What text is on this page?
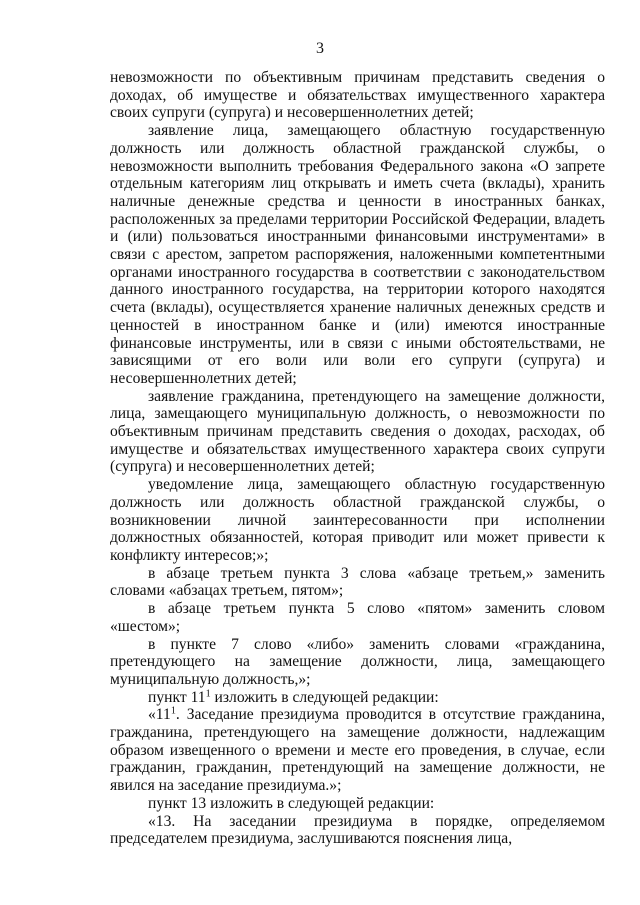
3

невозможности по объективным причинам представить сведения о доходах, об имуществе и обязательствах имущественного характера своих супруги (супруга) и несовершеннолетних детей;

заявление лица, замещающего областную государственную должность или должность областной гражданской службы, о невозможности выполнить требования Федерального закона «О запрете отдельным категориям лиц открывать и иметь счета (вклады), хранить наличные денежные средства и ценности в иностранных банках, расположенных за пределами территории Российской Федерации, владеть и (или) пользоваться иностранными финансовыми инструментами» в связи с арестом, запретом распоряжения, наложенными компетентными органами иностранного государства в соответствии с законодательством данного иностранного государства, на территории которого находятся счета (вклады), осуществляется хранение наличных денежных средств и ценностей в иностранном банке и (или) имеются иностранные финансовые инструменты, или в связи с иными обстоятельствами, не зависящими от его воли или воли его супруги (супруга) и несовершеннолетних детей;

заявление гражданина, претендующего на замещение должности, лица, замещающего муниципальную должность, о невозможности по объективным причинам представить сведения о доходах, расходах, об имуществе и обязательствах имущественного характера своих супруги (супруга) и несовершеннолетних детей;

уведомление лица, замещающего областную государственную должность или должность областной гражданской службы, о возникновении личной заинтересованности при исполнении должностных обязанностей, которая приводит или может привести к конфликту интересов;»;

в абзаце третьем пункта 3 слова «абзаце третьем,» заменить словами «абзацах третьем, пятом»;

в абзаце третьем пункта 5 слово «пятом» заменить словом «шестом»;

в пункте 7 слово «либо» заменить словами «гражданина, претендующего на замещение должности, лица, замещающего муниципальную должность,»;

пункт $11^1$ изложить в следующей редакции:

«$11^1$. Заседание президиума проводится в отсутствие гражданина, гражданина, претендующего на замещение должности, надлежащим образом извещенного о времени и месте его проведения, в случае, если гражданин, гражданин, претендующий на замещение должности, не явился на заседание президиума.»;

пункт 13 изложить в следующей редакции:

«13. На заседании президиума в порядке, определяемом председателем президиума, заслушиваются пояснения лица,
